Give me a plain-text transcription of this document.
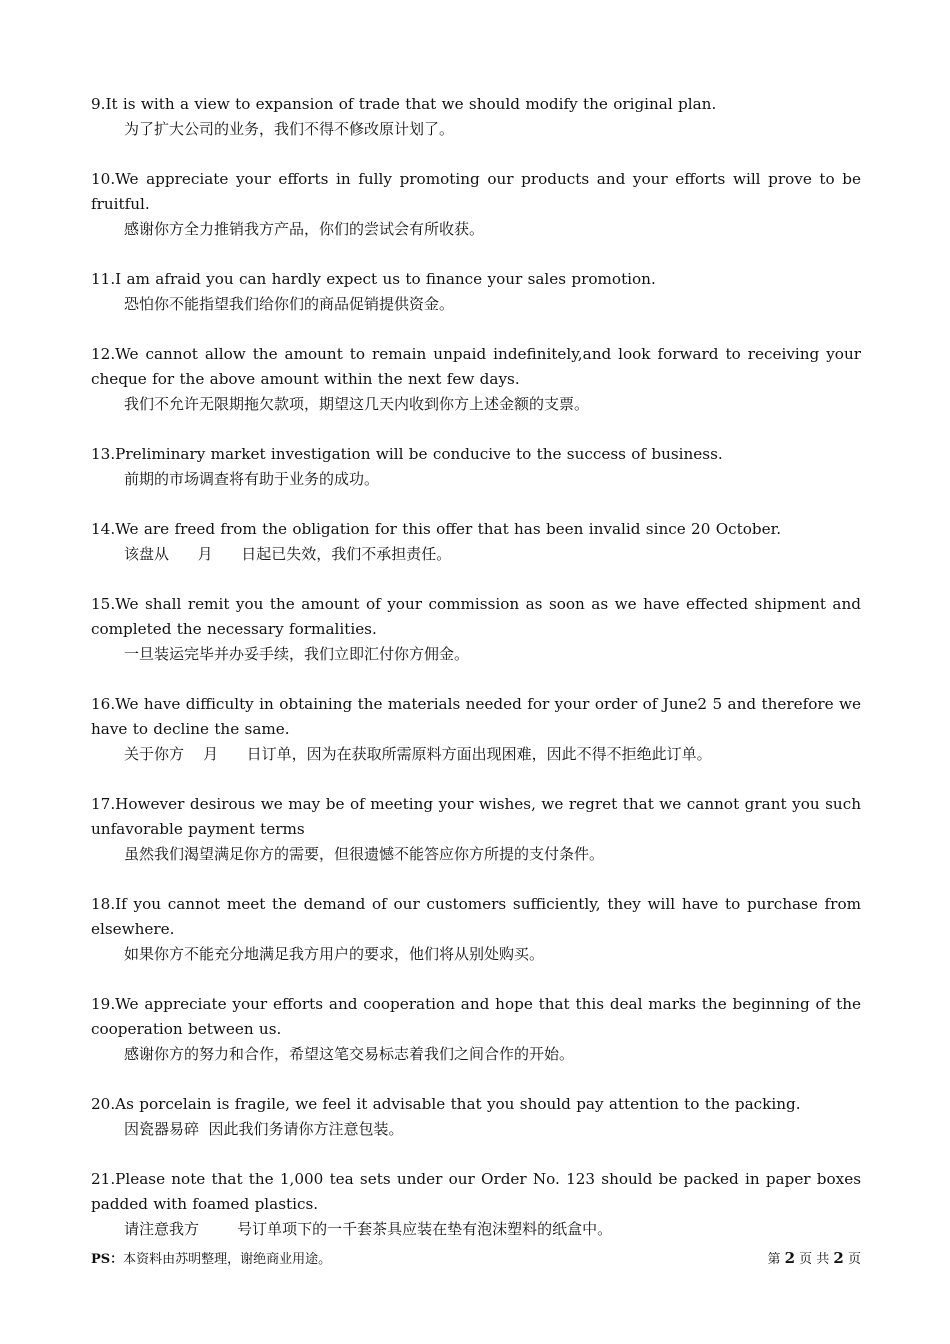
9.It is with a view to expansion of trade that we should modify the original plan.
为了扩大公司的业务，我们不得不修改原计划了。
10.We appreciate your efforts in fully promoting our products and your efforts will prove to be fruitful.
感谢你方全力推销我方产品，你们的尝试会有所收获。
11.I am afraid you can hardly expect us to finance your sales promotion.
恐怕你不能指望我们给你们的商品促销提供资金。
12.We cannot allow the amount to remain unpaid indefinitely,and look forward to receiving your cheque for the above amount within the next few days.
我们不允许无限期拖欠款项，期望这几天内收到你方上述金额的支票。
13.Preliminary market investigation will be conducive to the success of business.
前期的市场调查将有助于业务的成功。
14.We are freed from the obligation for this offer that has been invalid since 20 October.
该盘从      月      日起已失效，我们不承担责任。
15.We shall remit you the amount of your commission as soon as we have effected shipment and completed the necessary formalities.
一旦装运完毕并办妥手续，我们立即汇付你方佣金。
16.We have difficulty in obtaining the materials needed for your order of June2 5 and therefore we have to decline the same.
关于你方    月      日订单，因为在获取所需原料方面出现困难，因此不得不拒绝此订单。
17.However desirous we may be of meeting your wishes, we regret that we cannot grant you such unfavorable payment terms
虽然我们渴望满足你方的需要，但很遗憾不能答应你方所提的支付条件。
18.If you cannot meet the demand of our customers sufficiently, they will have to purchase from elsewhere.
如果你方不能充分地满足我方用户的要求，他们将从别处购买。
19.We appreciate your efforts and cooperation and hope that this deal marks the beginning of the cooperation between us.
感谢你方的努力和合作，希望这笔交易标志着我们之间合作的开始。
20.As porcelain is fragile, we feel it advisable that you should pay attention to the packing.
因瓷器易碎  因此我们务请你方注意包装。
21.Please note that the 1,000 tea sets under our Order No. 123 should be packed in paper boxes padded with foamed plastics.
请注意我方        号订单项下的一千套茶具应装在垫有泡沫塑料的纸盒中。
PS：本资料由苏明整理，谢绝商业用途。	第 2 页 共 2 页
